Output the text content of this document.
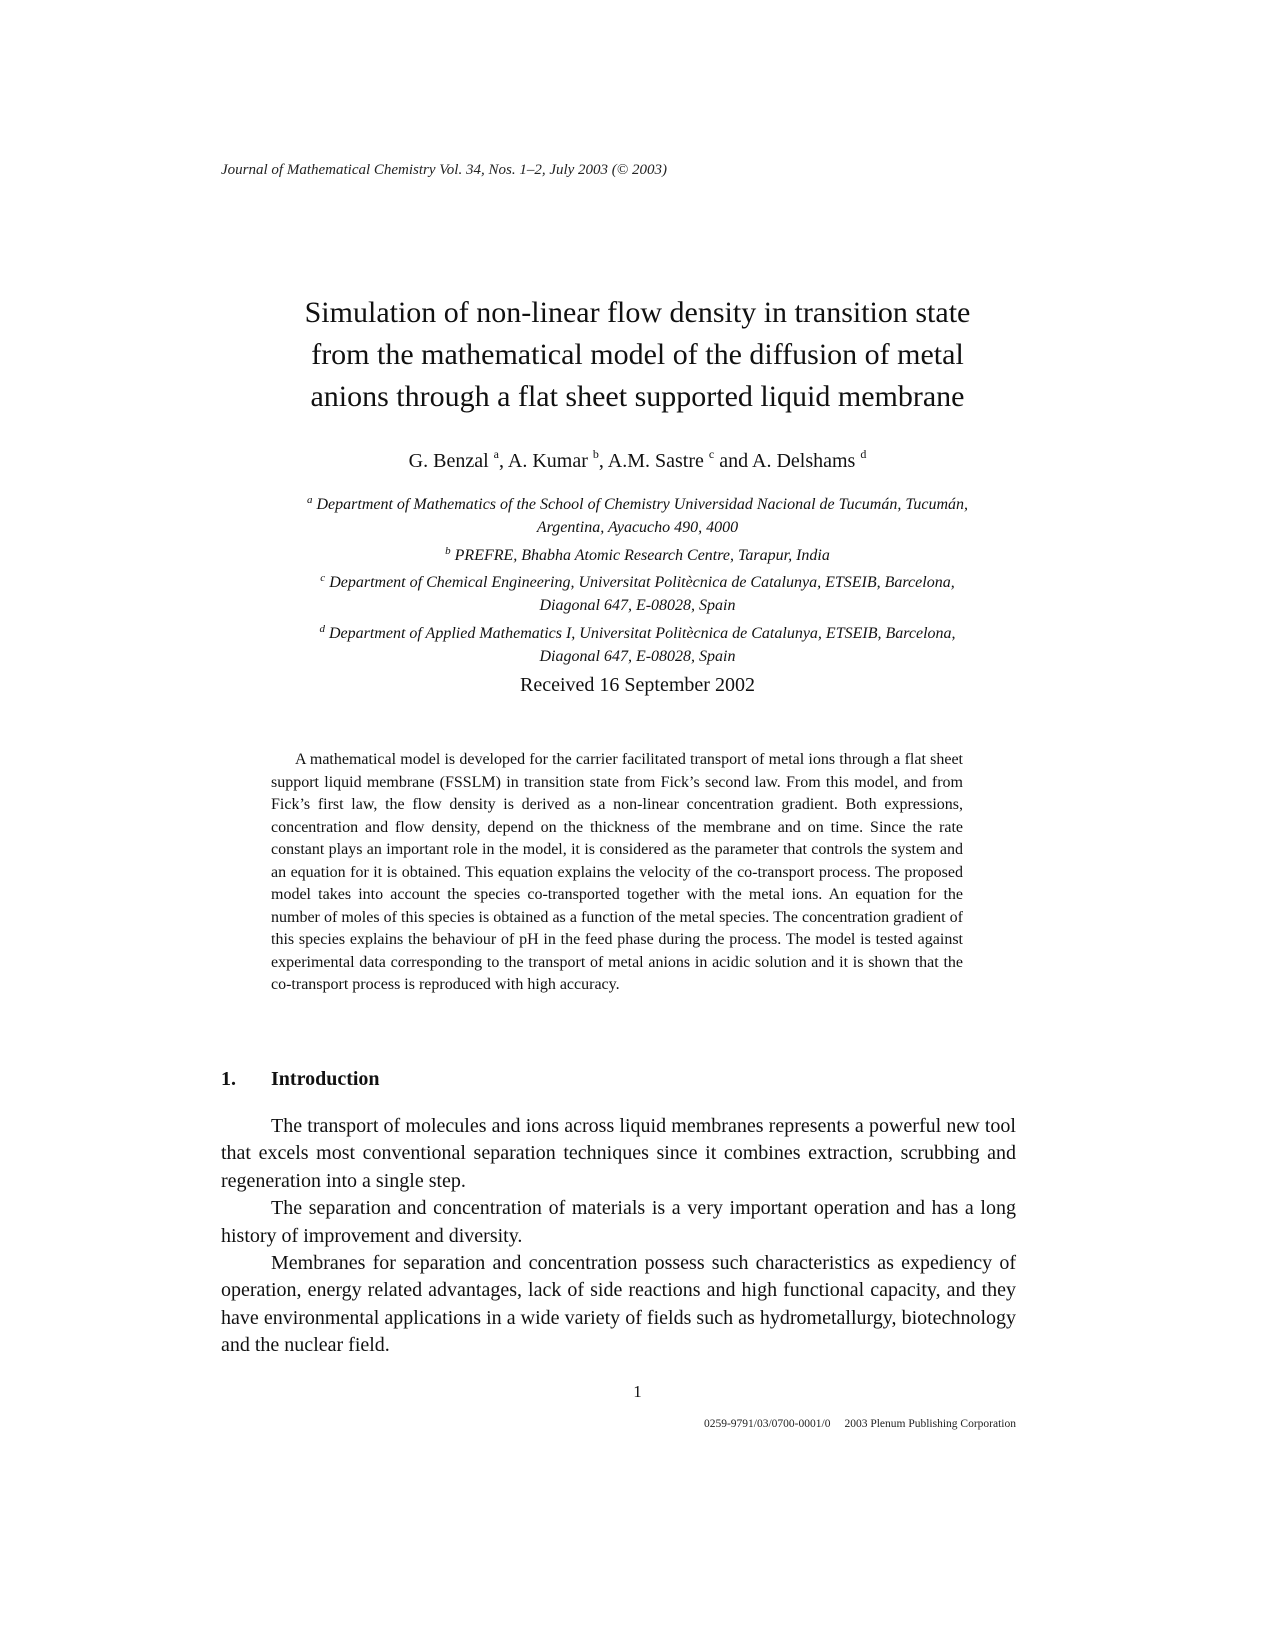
Journal of Mathematical Chemistry Vol. 34, Nos. 1–2, July 2003 (© 2003)
Simulation of non-linear flow density in transition state
from the mathematical model of the diffusion of metal
anions through a flat sheet supported liquid membrane
G. Benzal $^a$, A. Kumar $^b$, A.M. Sastre $^c$ and A. Delshams $^d$
$^a$ Department of Mathematics of the School of Chemistry Universidad Nacional de Tucumán, Tucumán,
Argentina, Ayacucho 490, 4000
$^b$ PREFRE, Bhabha Atomic Research Centre, Tarapur, India
$^c$ Department of Chemical Engineering, Universitat Politècnica de Catalunya, ETSEIB, Barcelona,
Diagonal 647, E-08028, Spain
$^d$ Department of Applied Mathematics I, Universitat Politècnica de Catalunya, ETSEIB, Barcelona,
Diagonal 647, E-08028, Spain
Received 16 September 2002
A mathematical model is developed for the carrier facilitated transport of metal ions through a flat sheet support liquid membrane (FSSLM) in transition state from Fick’s second law. From this model, and from Fick’s first law, the flow density is derived as a non-linear concentration gradient. Both expressions, concentration and flow density, depend on the thickness of the membrane and on time. Since the rate constant plays an important role in the model, it is considered as the parameter that controls the system and an equation for it is obtained. This equation explains the velocity of the co-transport process. The proposed model takes into account the species co-transported together with the metal ions. An equation for the number of moles of this species is obtained as a function of the metal species. The concentration gradient of this species explains the behaviour of pH in the feed phase during the process. The model is tested against experimental data corresponding to the transport of metal anions in acidic solution and it is shown that the co-transport process is reproduced with high accuracy.
1. Introduction

The transport of molecules and ions across liquid membranes represents a powerful new tool that excels most conventional separation techniques since it combines extraction, scrubbing and regeneration into a single step.

The separation and concentration of materials is a very important operation and has a long history of improvement and diversity.

Membranes for separation and concentration possess such characteristics as expediency of operation, energy related advantages, lack of side reactions and high functional capacity, and they have environmental applications in a wide variety of fields such as hydrometallurgy, biotechnology and the nuclear field.

1
0259-9791/03/0700-0001/0 2003 Plenum Publishing Corporation
